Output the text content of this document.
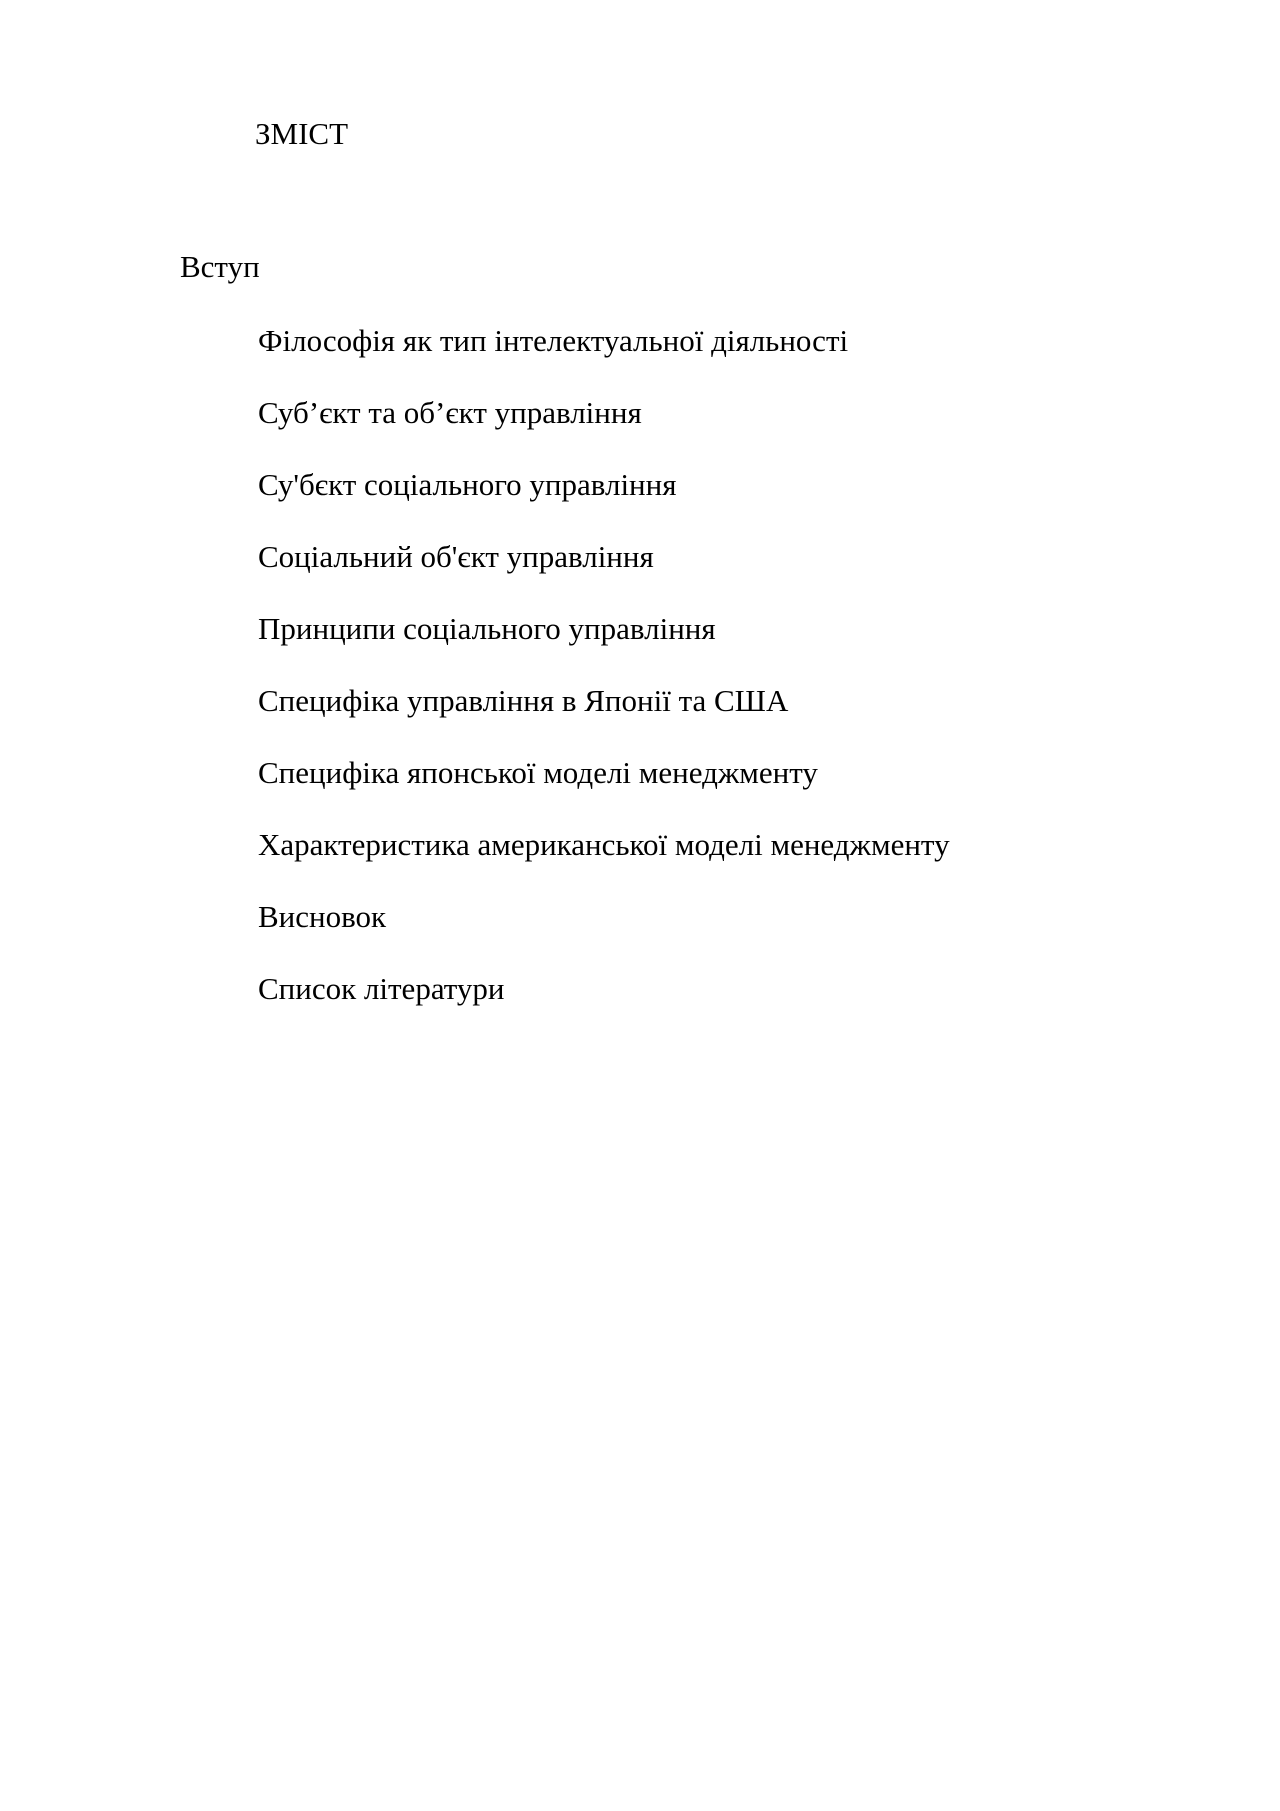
ЗМІСТ
Вступ
Філософія як тип інтелектуальної діяльності
Суб’єкт та об’єкт управління
Су'бєкт соціального управління
Соціальний об'єкт управління
Принципи соціального управління
Специфіка управління в Японії та США
Специфіка японської моделі менеджменту
Характеристика американської моделі менеджменту
Висновок
Список літератури
